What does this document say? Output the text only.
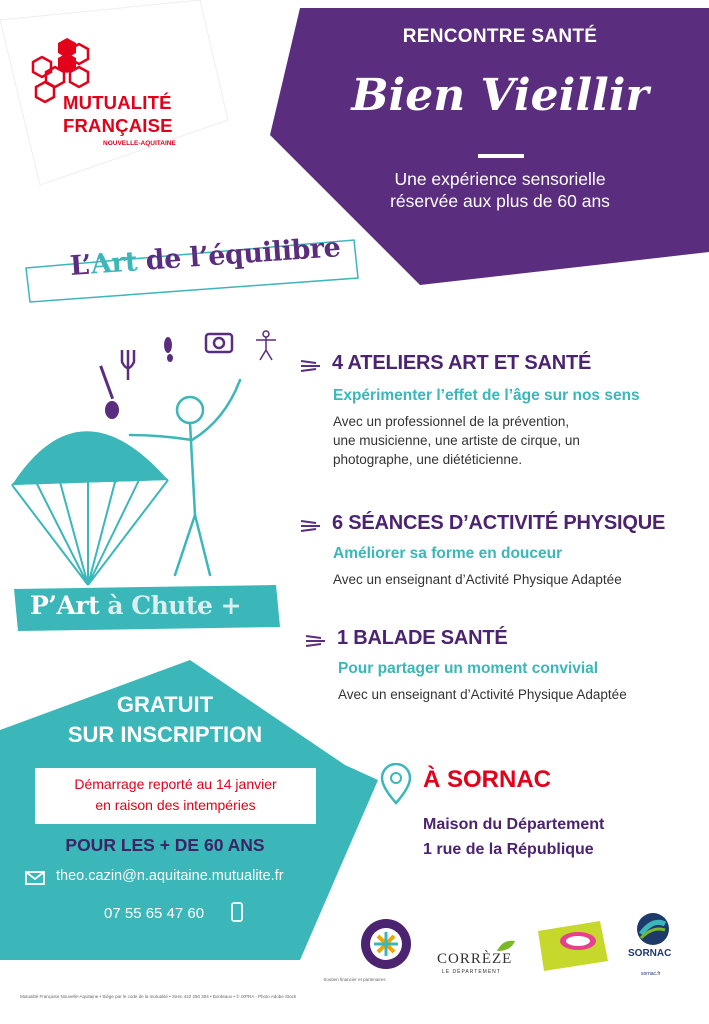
RENCONTRE SANTÉ
Bien Vieillir
Une expérience sensorielle
réservée aux plus de 60 ans
MUTUALITÉ
FRANÇAISE
NOUVELLE-AQUITAINE
L’Art de l’équilibre
P’Art à Chute +
4 ATELIERS ART ET SANTÉ
Expérimenter l’effet de l’âge sur nos sens
Avec un professionnel de la prévention,
une musicienne, une artiste de cirque, un
photographe, une diététicienne.
6 SÉANCES D’ACTIVITÉ PHYSIQUE
Améliorer sa forme en douceur
Avec un enseignant d’Activité Physique Adaptée
1 BALADE SANTÉ
Pour partager un moment convivial
Avec un enseignant d’Activité Physique Adaptée
GRATUIT
SUR INSCRIPTION
Démarrage reporté au 14 janvier
en raison des intempéries
POUR LES + DE 60 ANS
theo.cazin@n.aquitaine.mutualite.fr
07 55 65 47 60
À SORNAC
Maison du Département
1 rue de la République
CORRÈZE
LE DÉPARTEMENT
SORNAC
sornac.fr
Soutien financier et partenaires
Mutualité Française Nouvelle-Aquitaine • Siège par le code de la mutualité • Siren 422 250 304 • Bordeaux • © IXPRA - Photo Adobe Stock
